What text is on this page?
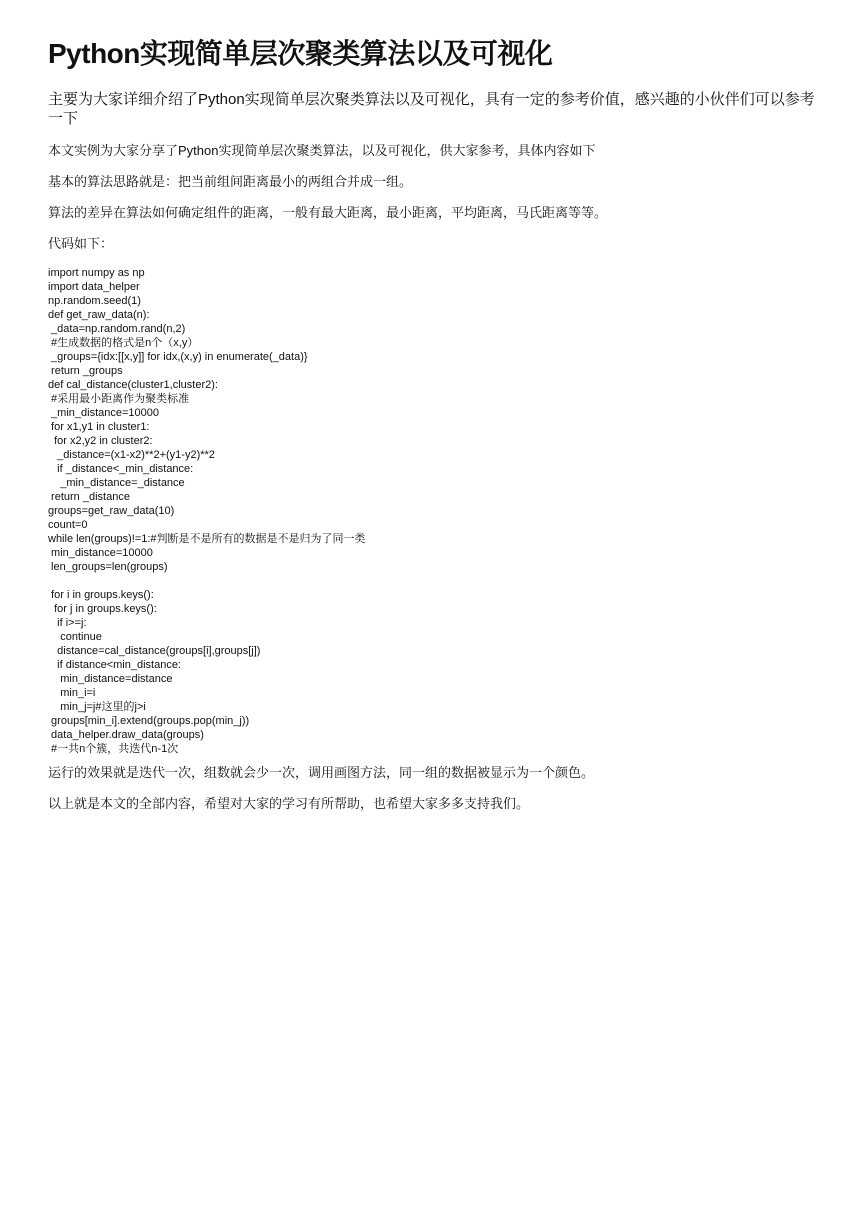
Python实现简单层次聚类算法以及可视化

主要为大家详细介绍了Python实现简单层次聚类算法以及可视化，具有一定的参考价值，感兴趣的小伙伴们可以参考一下

本文实例为大家分享了Python实现简单层次聚类算法，以及可视化，供大家参考，具体内容如下

基本的算法思路就是：把当前组间距离最小的两组合并成一组。

算法的差异在算法如何确定组件的距离，一般有最大距离，最小距离，平均距离，马氏距离等等。

代码如下：

import numpy as np
import data_helper
np.random.seed(1)
def get_raw_data(n):
_data=np.random.rand(n,2)
#生成数据的格式是n个（x,y）
_groups={idx:[[x,y]] for idx,(x,y) in enumerate(_data)}
return _groups
def cal_distance(cluster1,cluster2):
#采用最小距离作为聚类标准
_min_distance=10000
for x1,y1 in cluster1:
for x2,y2 in cluster2:
_distance=(x1-x2)**2+(y1-y2)**2
if _distance<_min_distance:
_min_distance=_distance
return _distance
groups=get_raw_data(10)
count=0
while len(groups)!=1:#判断是不是所有的数据是不是归为了同一类
min_distance=10000
len_groups=len(groups)
for i in groups.keys():
for j in groups.keys():
if i>=j:
continue
distance=cal_distance(groups[i],groups[j])
if distance<min_distance:
min_distance=distance
min_i=i
min_j=j#这里的j>i
groups[min_i].extend(groups.pop(min_j))
data_helper.draw_data(groups)
#一共n个簇，共迭代n-1次

运行的效果就是迭代一次，组数就会少一次，调用画图方法，同一组的数据被显示为一个颜色。

以上就是本文的全部内容，希望对大家的学习有所帮助，也希望大家多多支持我们。
